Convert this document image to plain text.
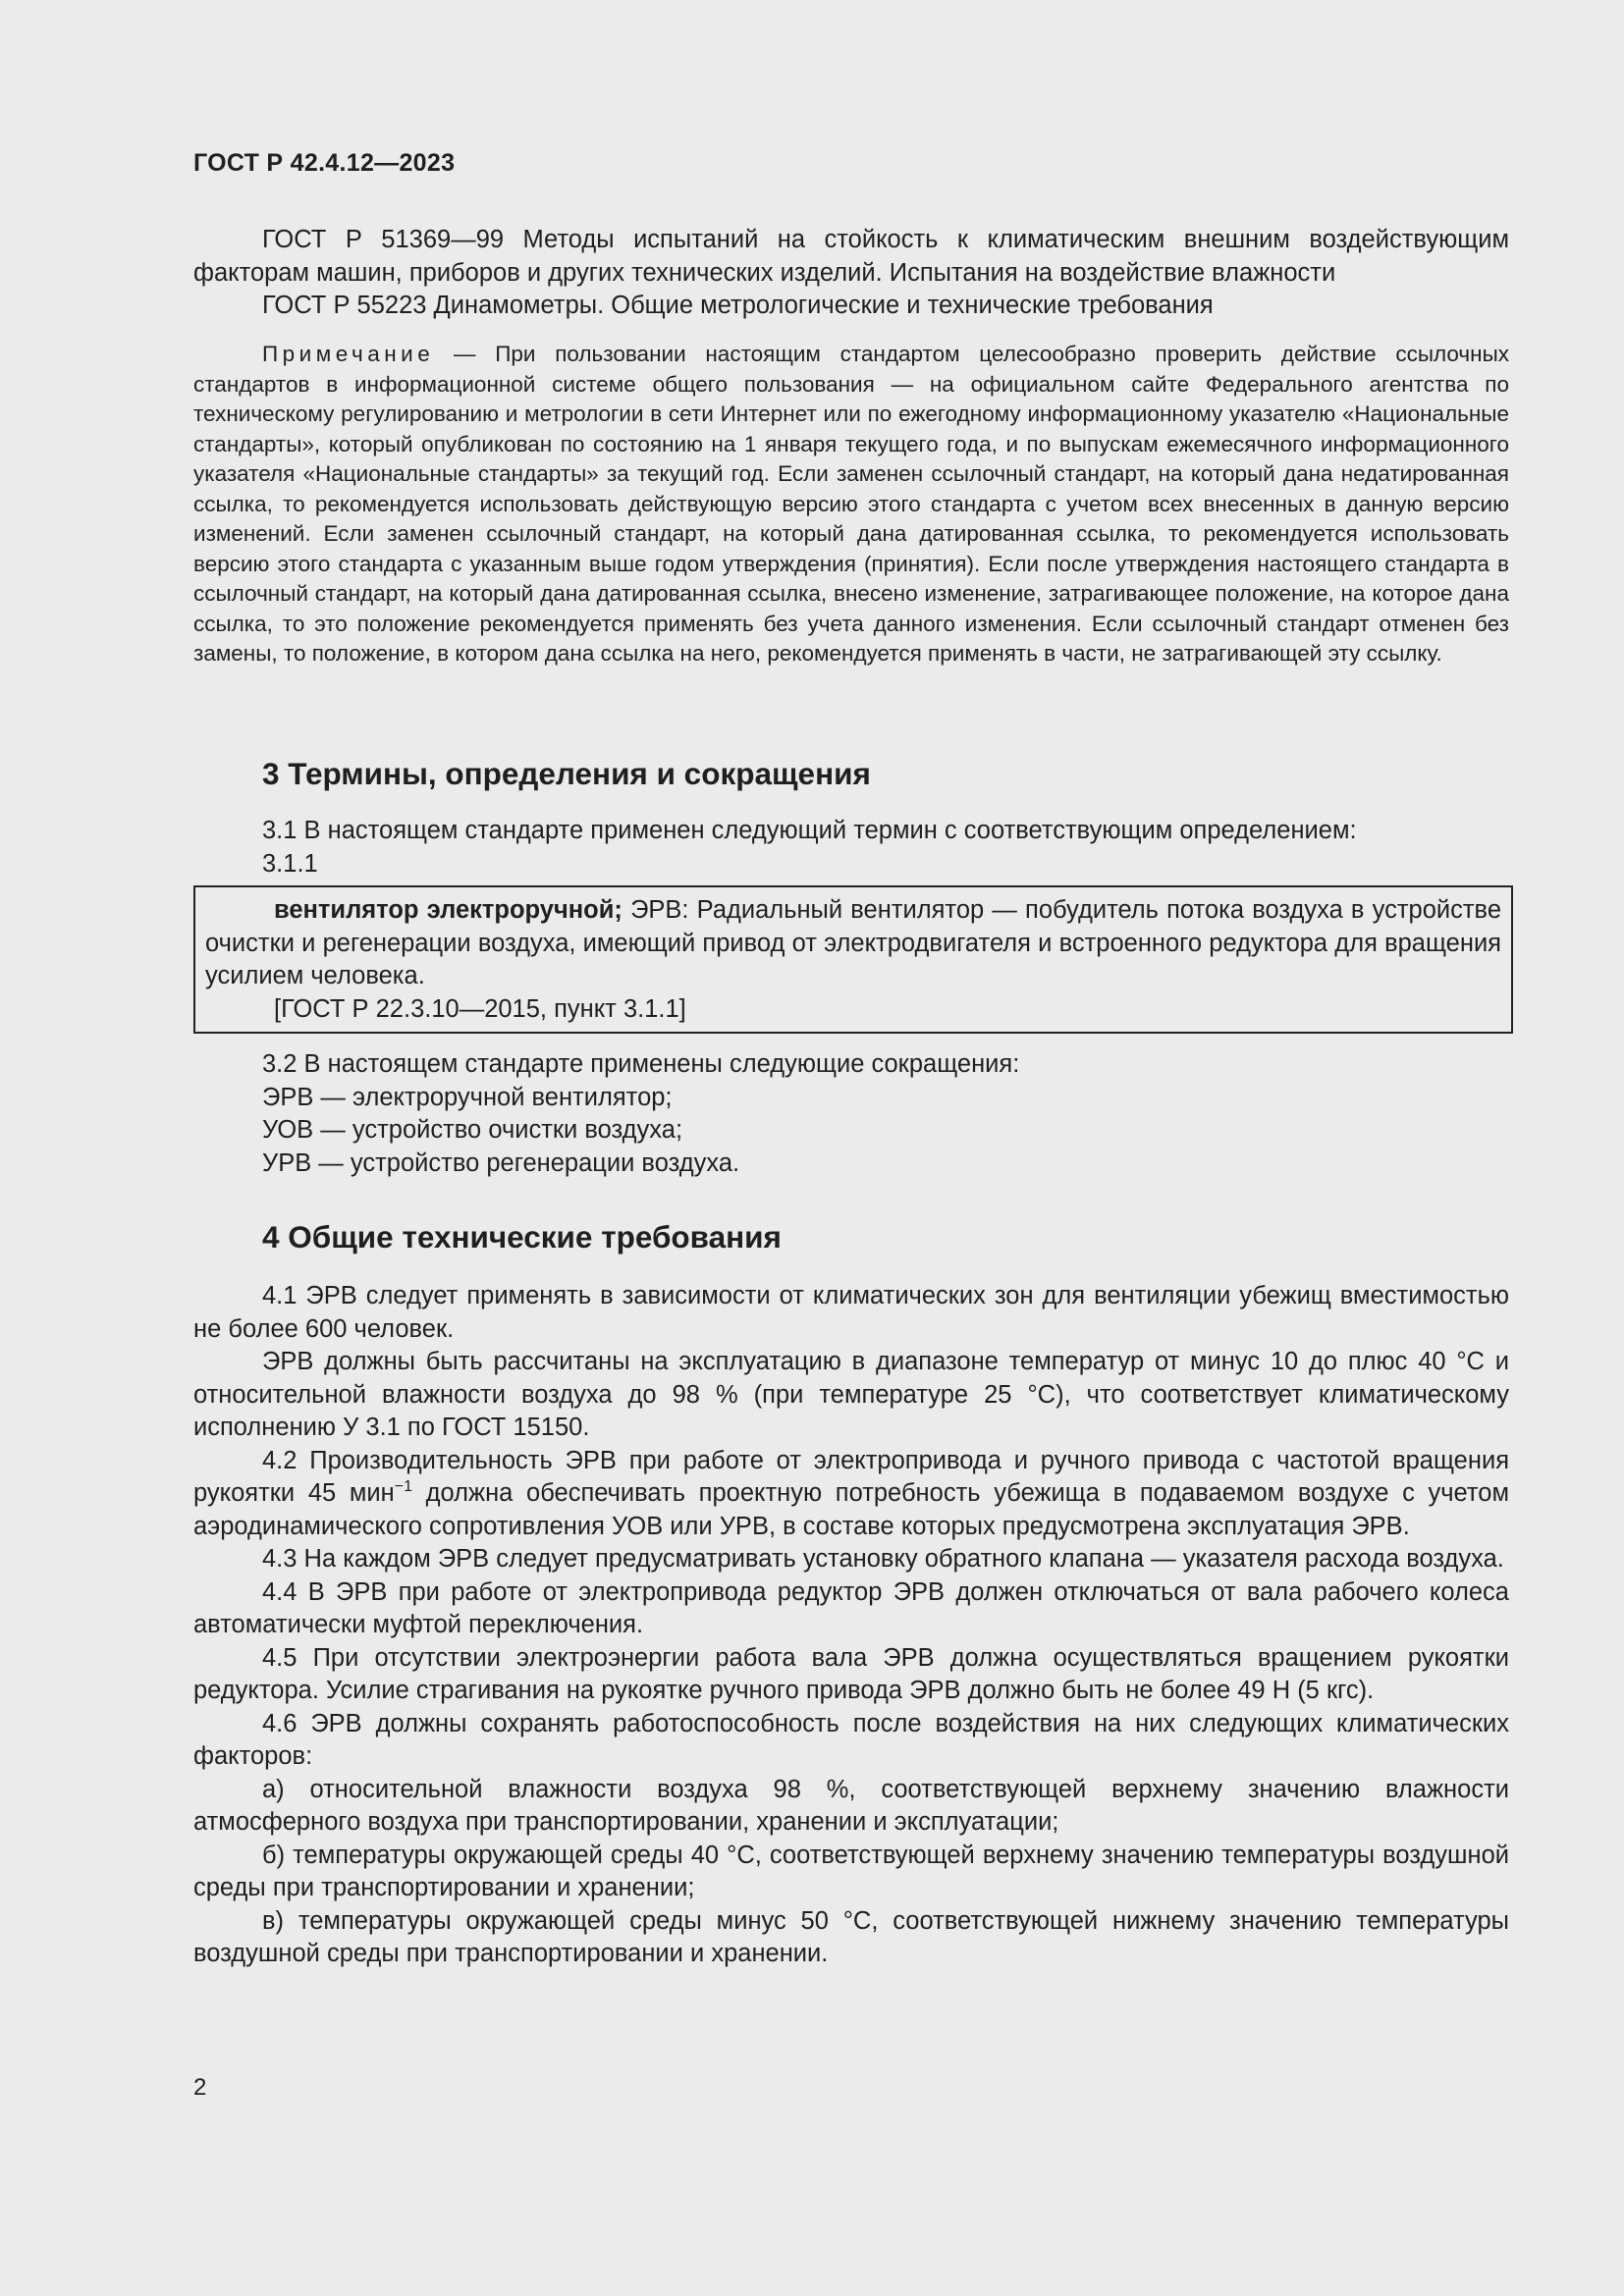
ГОСТ Р 42.4.12—2023

ГОСТ Р 51369—99 Методы испытаний на стойкость к климатическим внешним воздействующим факторам машин, приборов и других технических изделий. Испытания на воздействие влажности

ГОСТ Р 55223 Динамометры. Общие метрологические и технические требования

Примечание — При пользовании настоящим стандартом целесообразно проверить действие ссылочных стандартов в информационной системе общего пользования — на официальном сайте Федерального агентства по техническому регулированию и метрологии в сети Интернет или по ежегодному информационному указателю «Национальные стандарты», который опубликован по состоянию на 1 января текущего года, и по выпускам ежемесячного информационного указателя «Национальные стандарты» за текущий год. Если заменен ссылочный стандарт, на который дана недатированная ссылка, то рекомендуется использовать действующую версию этого стандарта с учетом всех внесенных в данную версию изменений. Если заменен ссылочный стандарт, на который дана датированная ссылка, то рекомендуется использовать версию этого стандарта с указанным выше годом утверждения (принятия). Если после утверждения настоящего стандарта в ссылочный стандарт, на который дана датированная ссылка, внесено изменение, затрагивающее положение, на которое дана ссылка, то это положение рекомендуется применять без учета данного изменения. Если ссылочный стандарт отменен без замены, то положение, в котором дана ссылка на него, рекомендуется применять в части, не затрагивающей эту ссылку.

3 Термины, определения и сокращения

3.1 В настоящем стандарте применен следующий термин с соответствующим определением:

3.1.1

вентилятор электроручной; ЭРВ: Радиальный вентилятор — побудитель потока воздуха в устройстве очистки и регенерации воздуха, имеющий привод от электродвигателя и встроенного редуктора для вращения усилием человека.

[ГОСТ Р 22.3.10—2015, пункт 3.1.1]

3.2 В настоящем стандарте применены следующие сокращения:

ЭРВ — электроручной вентилятор;

УОВ — устройство очистки воздуха;

УРВ — устройство регенерации воздуха.

4 Общие технические требования

4.1 ЭРВ следует применять в зависимости от климатических зон для вентиляции убежищ вместимостью не более 600 человек.

ЭРВ должны быть рассчитаны на эксплуатацию в диапазоне температур от минус 10 до плюс 40 °С и относительной влажности воздуха до 98 % (при температуре 25 °С), что соответствует климатическому исполнению У 3.1 по ГОСТ 15150.

4.2 Производительность ЭРВ при работе от электропривода и ручного привода с частотой вращения рукоятки 45 мин$^{-1}$ должна обеспечивать проектную потребность убежища в подаваемом воздухе с учетом аэродинамического сопротивления УОВ или УРВ, в составе которых предусмотрена эксплуатация ЭРВ.

4.3 На каждом ЭРВ следует предусматривать установку обратного клапана — указателя расхода воздуха.

4.4 В ЭРВ при работе от электропривода редуктор ЭРВ должен отключаться от вала рабочего колеса автоматически муфтой переключения.

4.5 При отсутствии электроэнергии работа вала ЭРВ должна осуществляться вращением рукоятки редуктора. Усилие страгивания на рукоятке ручного привода ЭРВ должно быть не более 49 Н (5 кгс).

4.6 ЭРВ должны сохранять работоспособность после воздействия на них следующих климатических факторов:

а) относительной влажности воздуха 98 %, соответствующей верхнему значению влажности атмосферного воздуха при транспортировании, хранении и эксплуатации;

б) температуры окружающей среды 40 °С, соответствующей верхнему значению температуры воздушной среды при транспортировании и хранении;

в) температуры окружающей среды минус 50 °С, соответствующей нижнему значению температуры воздушной среды при транспортировании и хранении.

2
